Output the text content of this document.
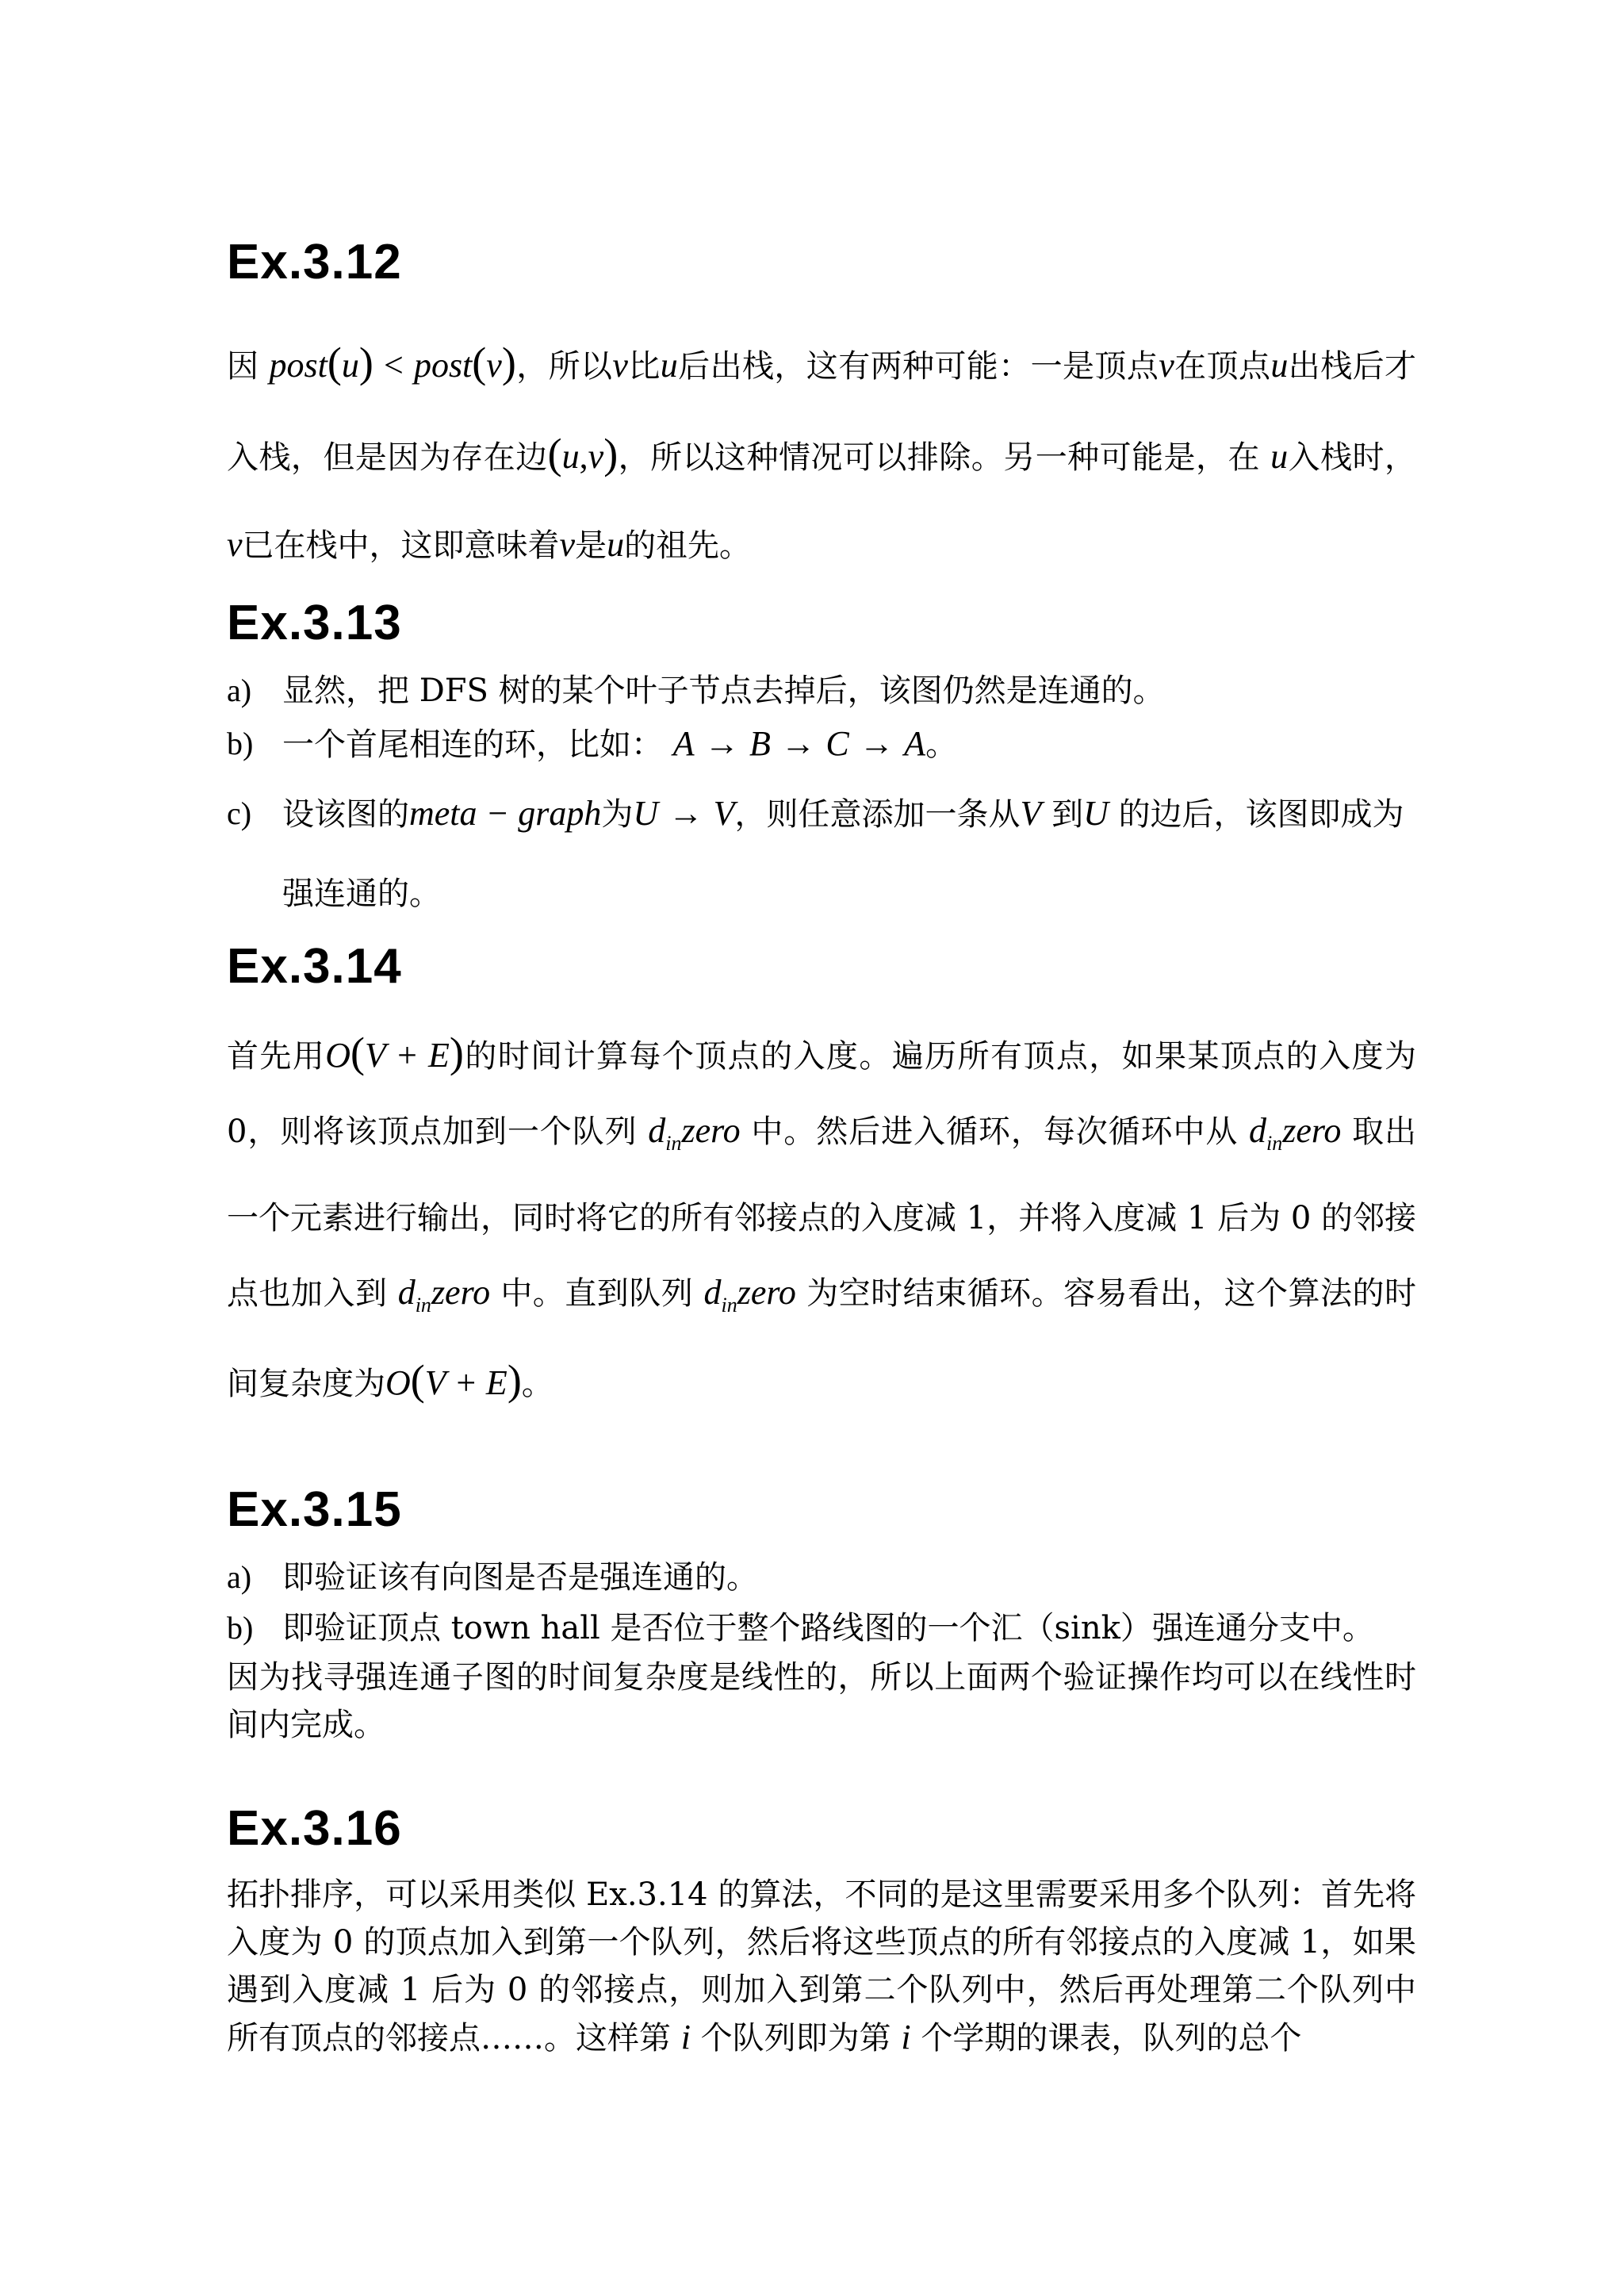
Ex.3.12

因 post(u) < post(v)，所以v比u后出栈，这有两种可能：一是顶点v在顶点u出栈后才入栈，但是因为存在边(u,v)，所以这种情况可以排除。另一种可能是，在 u入栈时，v已在栈中，这即意味着v是u的祖先。

Ex.3.13
a) 显然，把 DFS 树的某个叶子节点去掉后，该图仍然是连通的。
b) 一个首尾相连的环，比如： A → B → C → A。
c) 设该图的meta − graph为U → V，则任意添加一条从V 到U 的边后，该图即成为强连通的。
Ex.3.14

首先用O(V + E)的时间计算每个顶点的入度。遍历所有顶点，如果某顶点的入度为 0，则将该顶点加到一个队列 $d_{in}zero$ 中。然后进入循环，每次循环中从 $d_{in}zero$ 取出一个元素进行输出，同时将它的所有邻接点的入度减 1，并将入度减 1 后为 0 的邻接点也加入到 $d_{in}zero$ 中。直到队列 $d_{in}zero$ 为空时结束循环。容易看出，这个算法的时间复杂度为O(V + E)。

Ex.3.15
a) 即验证该有向图是否是强连通的。
b) 即验证顶点 town hall 是否位于整个路线图的一个汇（sink）强连通分支中。

因为找寻强连通子图的时间复杂度是线性的，所以上面两个验证操作均可以在线性时间内完成。

Ex.3.16

拓扑排序，可以采用类似 Ex.3.14 的算法，不同的是这里需要采用多个队列：首先将入度为 0 的顶点加入到第一个队列，然后将这些顶点的所有邻接点的入度减 1，如果遇到入度减 1 后为 0 的邻接点，则加入到第二个队列中，然后再处理第二个队列中所有顶点的邻接点……。这样第 i 个队列即为第 i 个学期的课表，队列的总个
